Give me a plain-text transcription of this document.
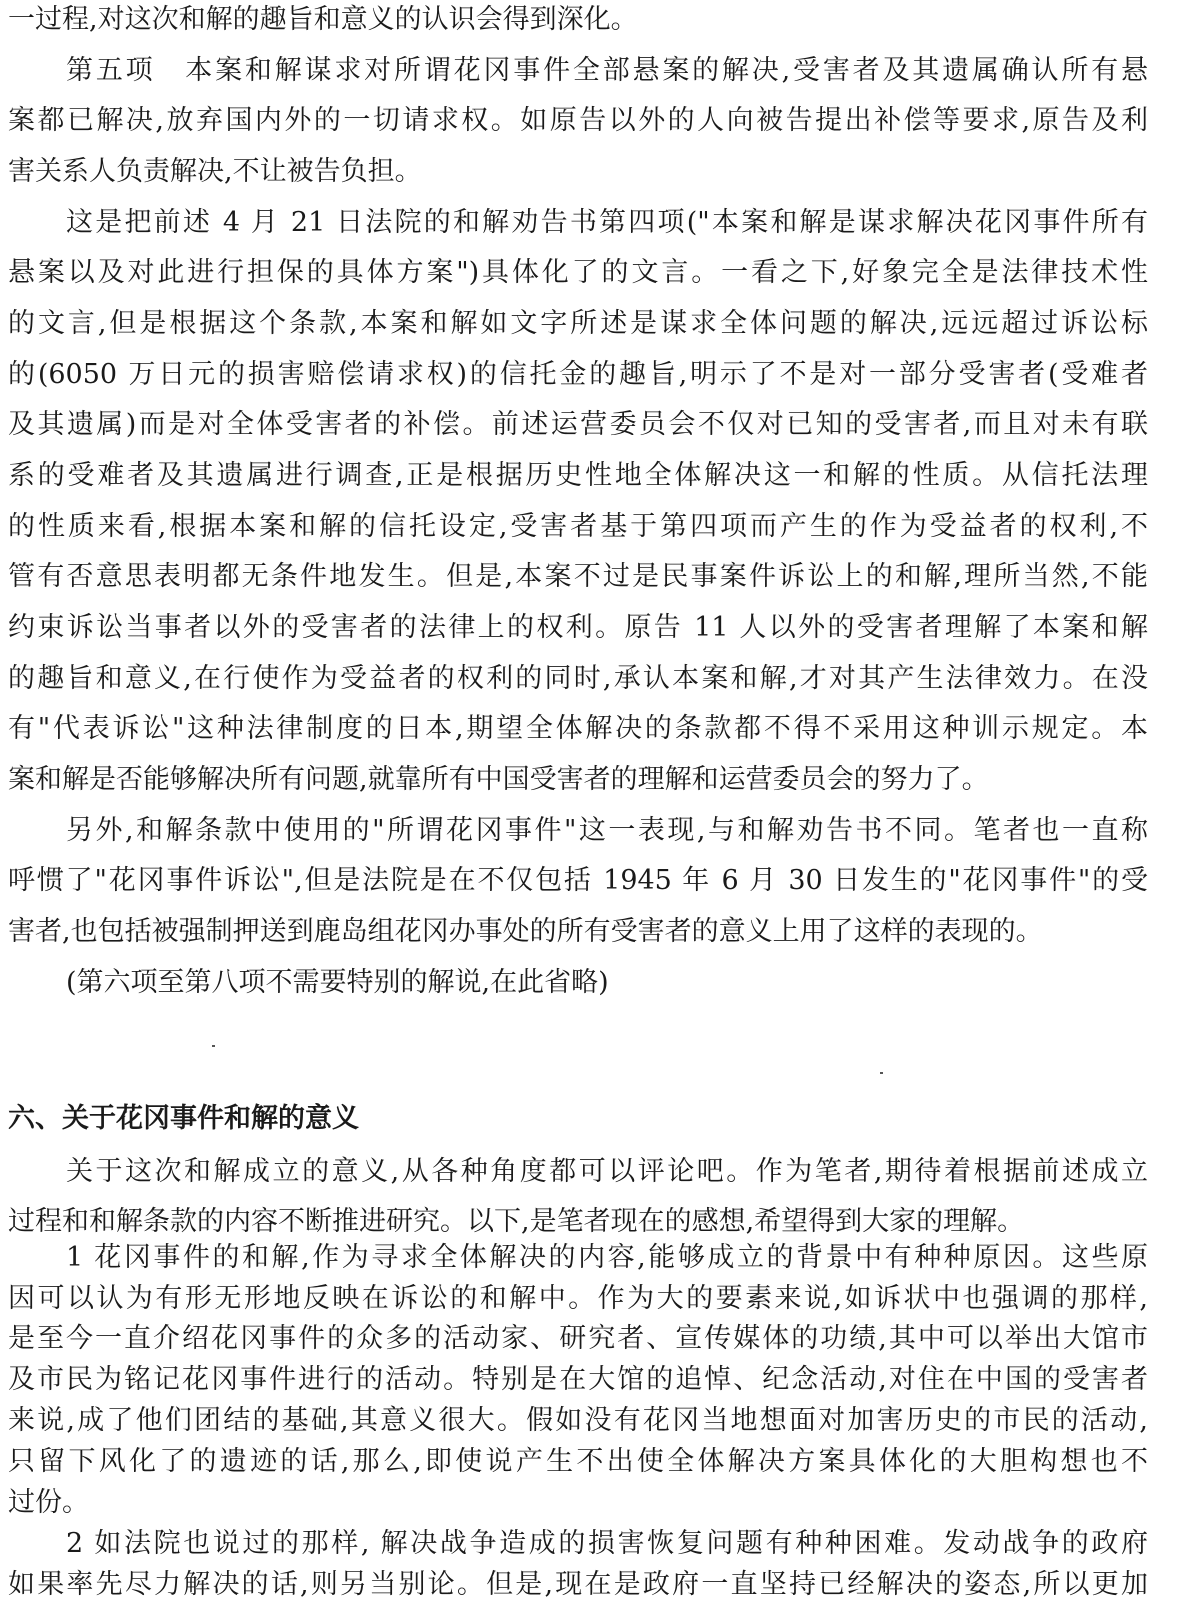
一过程,对这次和解的趣旨和意义的认识会得到深化。
第五项　本案和解谋求对所谓花冈事件全部悬案的解决,受害者及其遗属确认所有悬
案都已解决,放弃国内外的一切请求权。如原告以外的人向被告提出补偿等要求,原告及利
害关系人负责解决,不让被告负担。
这是把前述 4 月 21 日法院的和解劝告书第四项("本案和解是谋求解决花冈事件所有
悬案以及对此进行担保的具体方案")具体化了的文言。一看之下,好象完全是法律技术性
的文言,但是根据这个条款,本案和解如文字所述是谋求全体问题的解决,远远超过诉讼标
的(6050 万日元的损害赔偿请求权)的信托金的趣旨,明示了不是对一部分受害者(受难者
及其遗属)而是对全体受害者的补偿。前述运营委员会不仅对已知的受害者,而且对未有联
系的受难者及其遗属进行调查,正是根据历史性地全体解决这一和解的性质。从信托法理
的性质来看,根据本案和解的信托设定,受害者基于第四项而产生的作为受益者的权利,不
管有否意思表明都无条件地发生。但是,本案不过是民事案件诉讼上的和解,理所当然,不能
约束诉讼当事者以外的受害者的法律上的权利。原告 11 人以外的受害者理解了本案和解
的趣旨和意义,在行使作为受益者的权利的同时,承认本案和解,才对其产生法律效力。在没
有"代表诉讼"这种法律制度的日本,期望全体解决的条款都不得不采用这种训示规定。本
案和解是否能够解决所有问题,就靠所有中国受害者的理解和运营委员会的努力了。
另外,和解条款中使用的"所谓花冈事件"这一表现,与和解劝告书不同。笔者也一直称
呼惯了"花冈事件诉讼",但是法院是在不仅包括 1945 年 6 月 30 日发生的"花冈事件"的受
害者,也包括被强制押送到鹿岛组花冈办事处的所有受害者的意义上用了这样的表现的。
(第六项至第八项不需要特别的解说,在此省略)
六、关于花冈事件和解的意义
关于这次和解成立的意义,从各种角度都可以评论吧。作为笔者,期待着根据前述成立
过程和和解条款的内容不断推进研究。以下,是笔者现在的感想,希望得到大家的理解。
1 花冈事件的和解,作为寻求全体解决的内容,能够成立的背景中有种种原因。这些原
因可以认为有形无形地反映在诉讼的和解中。作为大的要素来说,如诉状中也强调的那样,
是至今一直介绍花冈事件的众多的活动家、研究者、宣传媒体的功绩,其中可以举出大馆市
及市民为铭记花冈事件进行的活动。特别是在大馆的追悼、纪念活动,对住在中国的受害者
来说,成了他们团结的基础,其意义很大。假如没有花冈当地想面对加害历史的市民的活动,
只留下风化了的遗迹的话,那么,即使说产生不出使全体解决方案具体化的大胆构想也不
过份。
2 如法院也说过的那样, 解决战争造成的损害恢复问题有种种困难。发动战争的政府
如果率先尽力解决的话,则另当别论。但是,现在是政府一直坚持已经解决的姿态,所以更加
